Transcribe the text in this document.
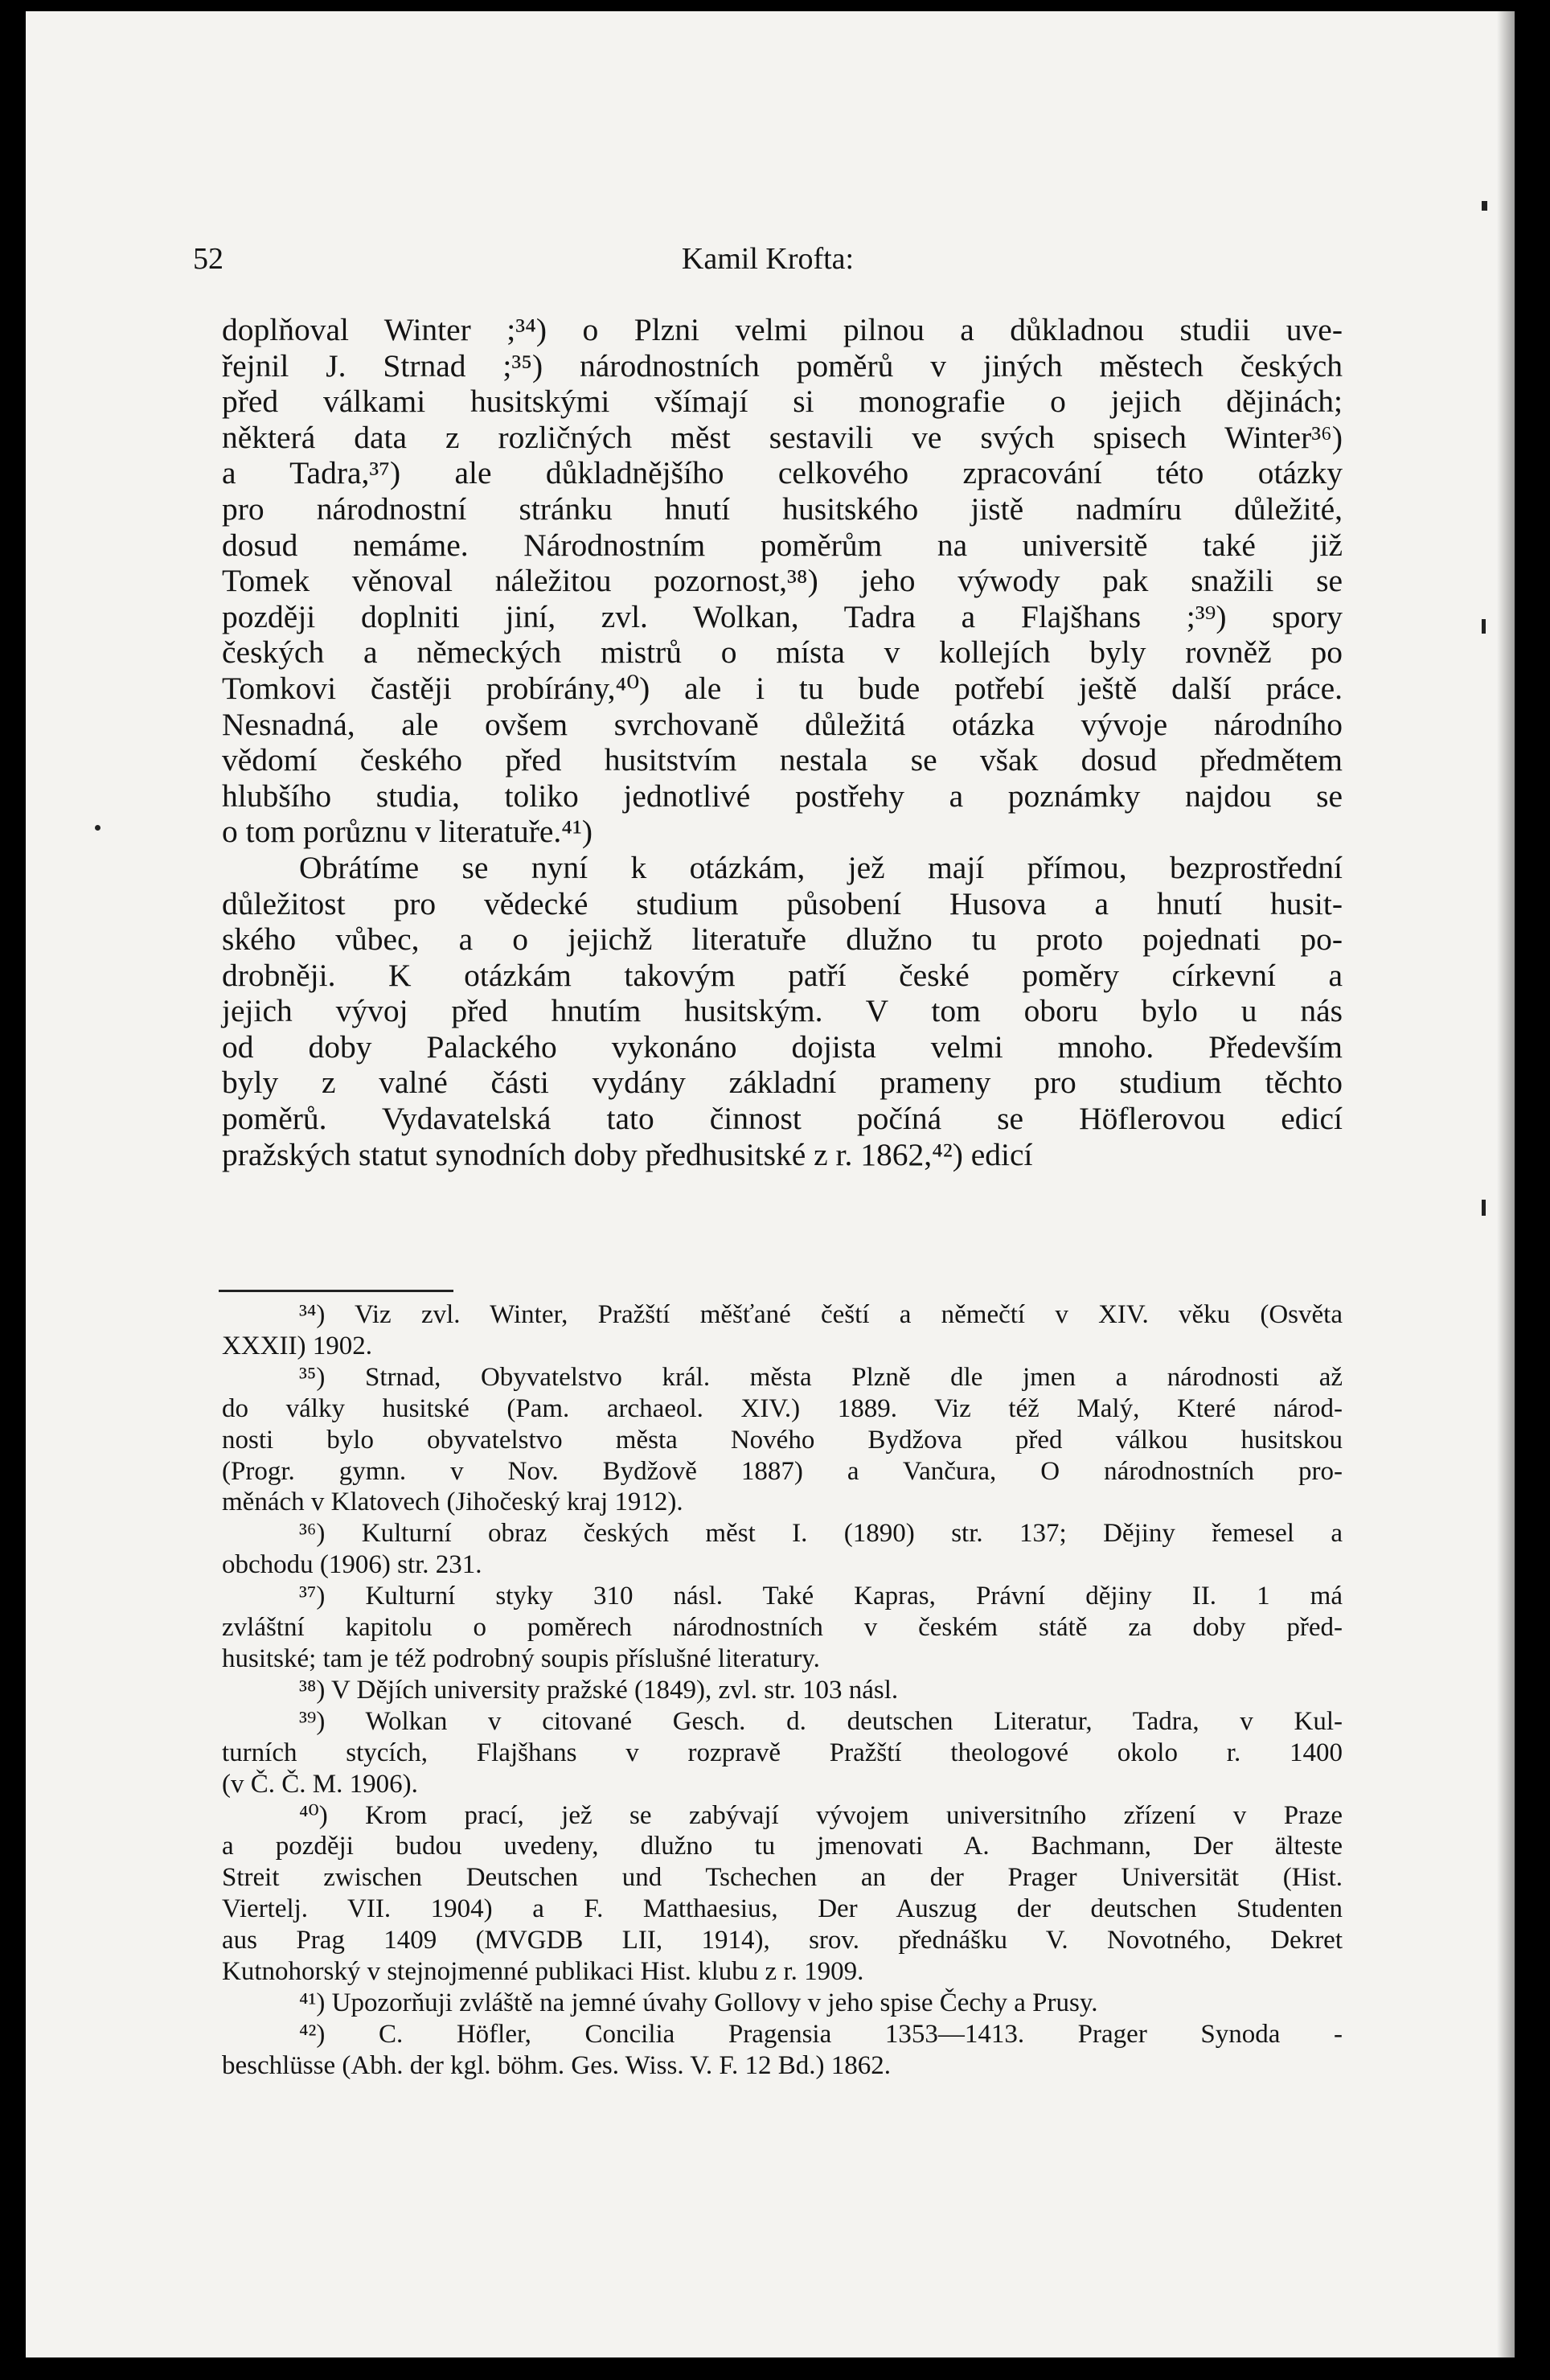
52	Kamil Krofta:
doplňoval Winter ;³⁴) o Plzni velmi pilnou a důkladnou studii uve-
řejnil J. Strnad ;³⁵) národnostních poměrů v jiných městech českých
před válkami husitskými všímají si monografie o jejich dějinách;
některá data z rozličných měst sestavili ve svých spisech Winter³⁶)
a Tadra,³⁷) ale důkladnějšího celkového zpracování této otázky
pro národnostní stránku hnutí husitského jistě nadmíru důležité,
dosud nemáme. Národnostním poměrům na universitě také již
Tomek věnoval náležitou pozornost,³⁸) jeho výwody pak snažili se
později doplniti jiní, zvl. Wolkan, Tadra a Flajšhans ;³⁹) spory
českých a německých mistrů o místa v kollejích byly rovněž po
Tomkovi častěji probírány,⁴⁰) ale i tu bude potřebí ještě další práce.
Nesnadná, ale ovšem svrchovaně důležitá otázka vývoje národního
vědomí českého před husitstvím nestala se však dosud předmětem
hlubšího studia, toliko jednotlivé postřehy a poznámky najdou se
o tom porůznu v literatuře.⁴¹)
Obrátíme se nyní k otázkám, jež mají přímou, bezprostřední
důležitost pro vědecké studium působení Husova a hnutí husit-
ského vůbec, a o jejichž literatuře dlužno tu proto pojednati po-
drobněji. K otázkám takovým patří české poměry církevní a
jejich vývoj před hnutím husitským. V tom oboru bylo u nás
od doby Palackého vykonáno dojista velmi mnoho. Především
byly z valné části vydány základní prameny pro studium těchto
poměrů. Vydavatelská tato činnost počíná se Höflerovou edicí
pražských statut synodních doby předhusitské z r. 1862,⁴²) edicí
³⁴) Viz zvl. Winter, Pražští měšťané čeští a němečtí v XIV. věku (Osvěta
XXXII) 1902.
³⁵) Strnad, Obyvatelstvo král. města Plzně dle jmen a národnosti až
do války husitské (Pam. archaeol. XIV.) 1889. Viz též Malý, Které národ-
nosti bylo obyvatelstvo města Nového Bydžova před válkou husitskou
(Progr. gymn. v Nov. Bydžově 1887) a Vančura, O národnostních pro-
měnách v Klatovech (Jihočeský kraj 1912).
³⁶) Kulturní obraz českých měst I. (1890) str. 137; Dějiny řemesel a
obchodu (1906) str. 231.
³⁷) Kulturní styky 310 násl. Také Kapras, Právní dějiny II. 1 má
zvláštní kapitolu o poměrech národnostních v českém státě za doby před-
husitské; tam je též podrobný soupis příslušné literatury.
³⁸) V Dějích university pražské (1849), zvl. str. 103 násl.
³⁹) Wolkan v citované Gesch. d. deutschen Literatur, Tadra, v Kul-
turních stycích, Flajšhans v rozpravě Pražští theologové okolo r. 1400
(v Č. Č. M. 1906).
⁴⁰) Krom prací, jež se zabývají vývojem universitního zřízení v Praze
a později budou uvedeny, dlužno tu jmenovati A. Bachmann, Der älteste
Streit zwischen Deutschen und Tschechen an der Prager Universität (Hist.
Viertelj. VII. 1904) a F. Matthaesius, Der Auszug der deutschen Studenten
aus Prag 1409 (MVGDB LII, 1914), srov. přednášku V. Novotného, Dekret
Kutnohorský v stejnojmenné publikaci Hist. klubu z r. 1909.
⁴¹) Upozorňuji zvláště na jemné úvahy Gollovy v jeho spise Čechy a Prusy.
⁴²) C. Höfler, Concilia Pragensia 1353—1413. Prager Synoda -
beschlüsse (Abh. der kgl. böhm. Ges. Wiss. V. F. 12 Bd.) 1862.
